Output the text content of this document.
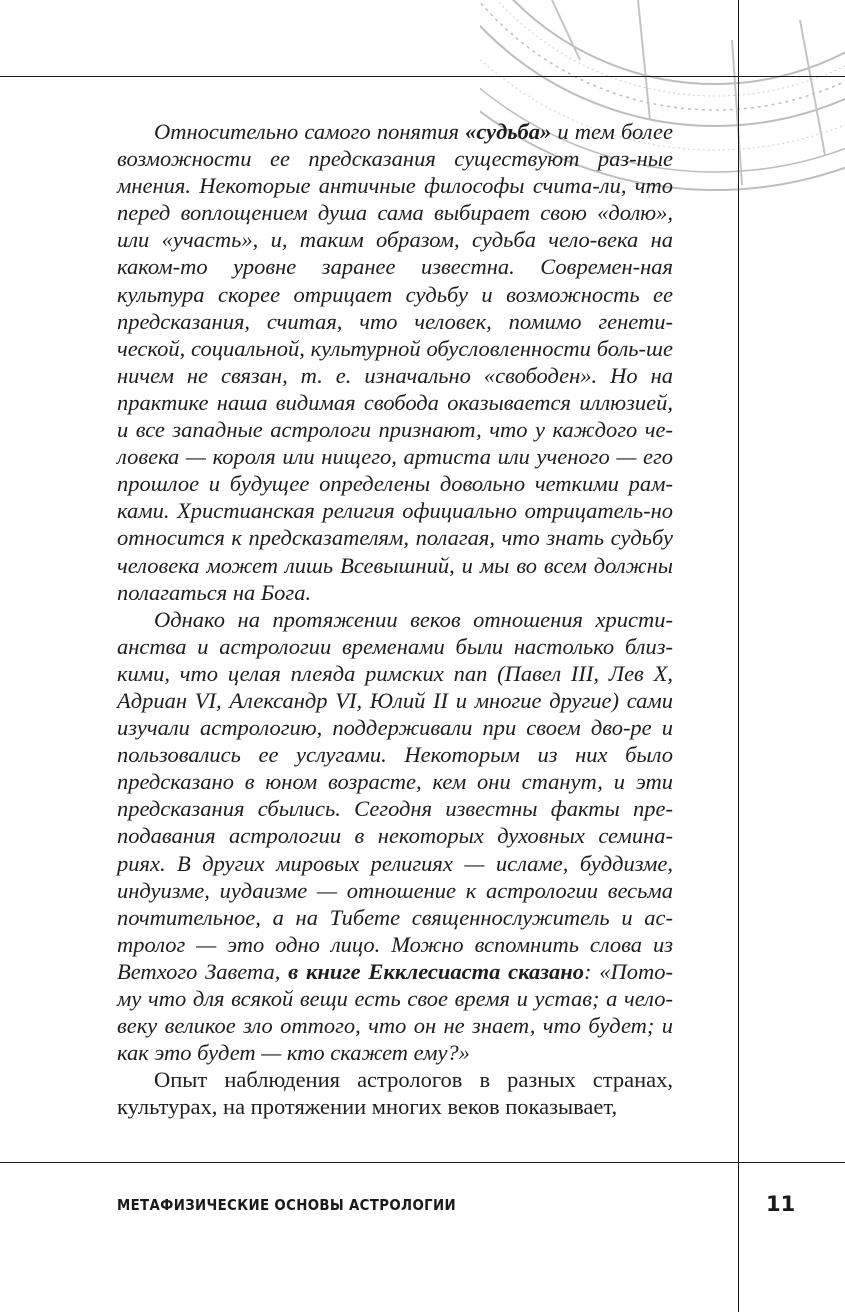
Относительно самого понятия «судьба» и тем более возможности ее предсказания существуют раз-ные мнения. Некоторые античные философы счита-ли, что перед воплощением душа сама выбирает свою «долю», или «участь», и, таким образом, судьба чело-века на каком-то уровне заранее известна. Современ-ная культура скорее отрицает судьбу и возможность ее предсказания, считая, что человек, помимо генети-ческой, социальной, культурной обусловленности боль-ше ничем не связан, т. е. изначально «свободен». Но на практике наша видимая свобода оказывается иллюзией, и все западные астрологи признают, что у каждого че-ловека — короля или нищего, артиста или ученого — его прошлое и будущее определены довольно четкими рам-ками. Христианская религия официально отрицатель-но относится к предсказателям, полагая, что знать судьбу человека может лишь Всевышний, и мы во всем должны полагаться на Бога.

Однако на протяжении веков отношения христи-анства и астрологии временами были настолько близ-кими, что целая плеяда римских пап (Павел III, Лев X, Адриан VI, Александр VI, Юлий II и многие другие) сами изучали астрологию, поддерживали при своем дво-ре и пользовались ее услугами. Некоторым из них было предсказано в юном возрасте, кем они станут, и эти предсказания сбылись. Сегодня известны факты пре-подавания астрологии в некоторых духовных семина-риях. В других мировых религиях — исламе, буддизме, индуизме, иудаизме — отношение к астрологии весьма почтительное, а на Тибете священнослужитель и ас-тролог — это одно лицо. Можно вспомнить слова из Ветхого Завета, в книге Екклесиаста сказано: «Пото-му что для всякой вещи есть свое время и устав; а чело-веку великое зло оттого, что он не знает, что будет; и как это будет — кто скажет ему?»

Опыт наблюдения астрологов в разных странах, культурах, на протяжении многих веков показывает,

МЕТАФИЗИЧЕСКИЕ ОСНОВЫ АСТРОЛОГИИ	11
